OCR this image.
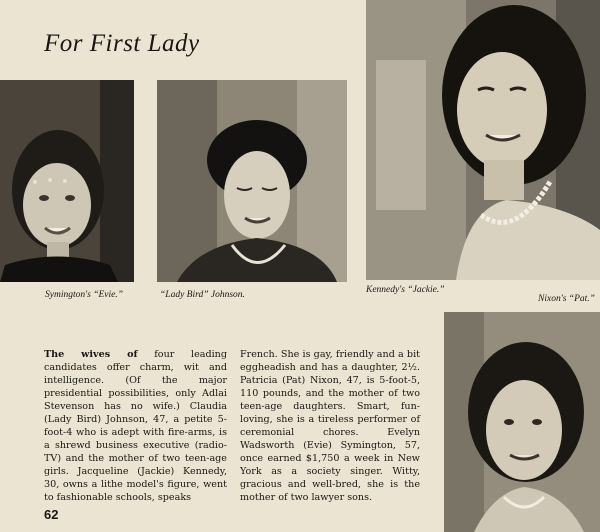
For First Lady
Symington's “Evie.”	“Lady Bird” Johnson.	Kennedy's “Jackie.”
Nixon's “Pat.”
The wives of four leading candidates offer charm, wit and intelligence. (Of the major presidential possibilities, only Adlai Stevenson has no wife.) Claudia (Lady Bird) Johnson, 47, a petite 5-foot-4 who is adept with fire-arms, is a shrewd business executive (radio-TV) and the mother of two teen-age girls. Jacqueline (Jackie) Kennedy, 30, owns a lithe model's figure, went to fashionable schools, speaks
French. She is gay, friendly and a bit eggheadish and has a daughter, 2½. Patricia (Pat) Nixon, 47, is 5-foot-5, 110 pounds, and the mother of two teen-age daughters. Smart, fun-loving, she is a tireless performer of ceremonial chores. Evelyn Wadsworth (Evie) Symington, 57, once earned $1,750 a week in New York as a society singer. Witty, gracious and well-bred, she is the mother of two lawyer sons.
62
